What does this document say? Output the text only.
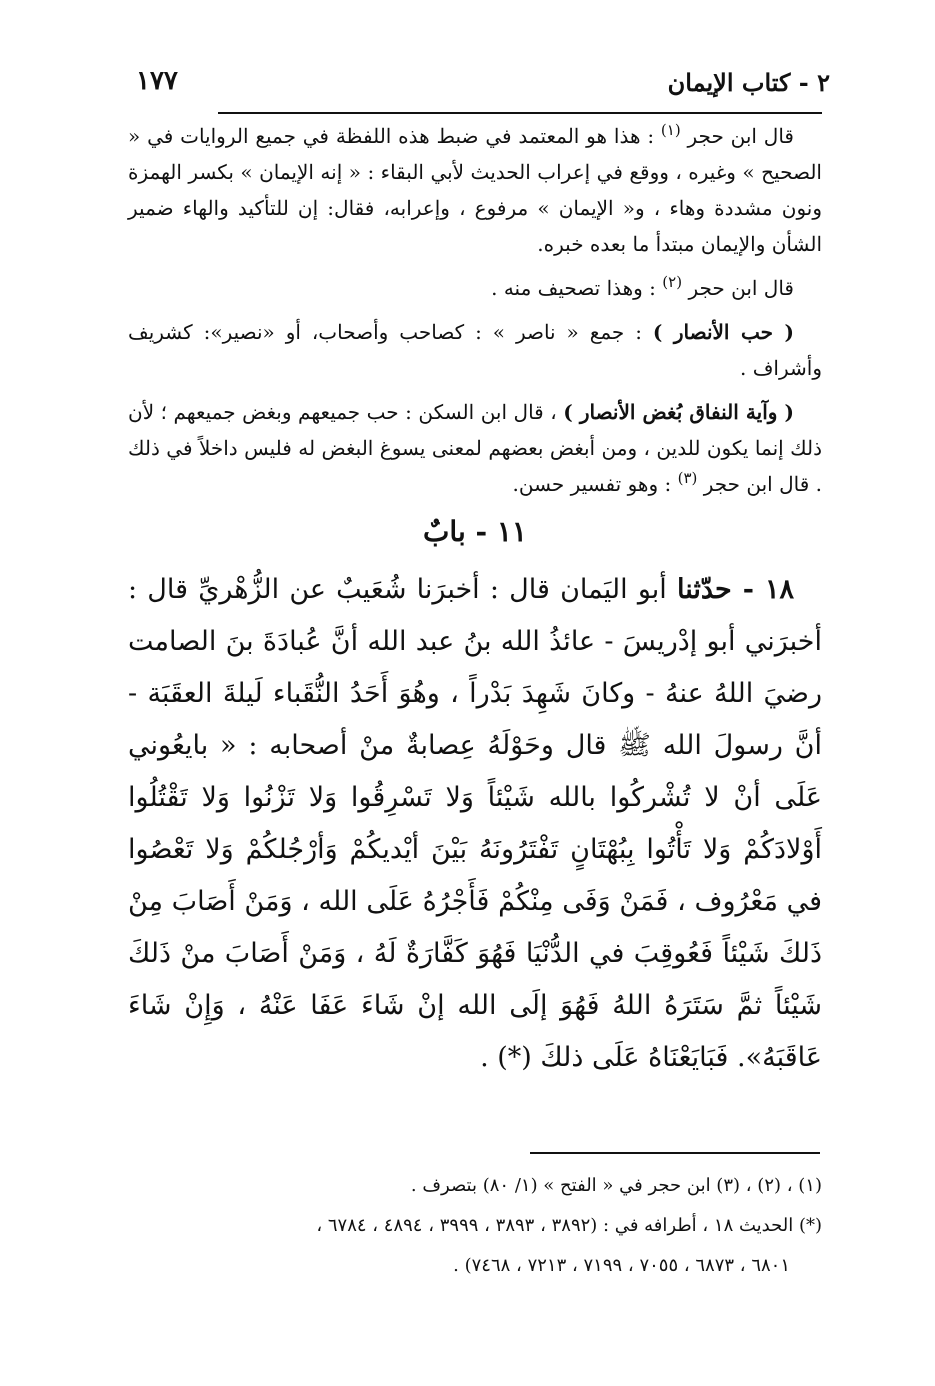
٢ - كتاب الإيمان
١٧٧

قال ابن حجر $^{(١)}$ : هذا هو المعتمد في ضبط هذه اللفظة في جميع الروايات في « الصحيح » وغيره ، ووقع في إعراب الحديث لأبي البقاء : « إنه الإيمان » بكسر الهمزة ونون مشددة وهاء ، و« الإيمان » مرفوع ، وإعرابه، فقال: إن للتأكيد والهاء ضمير الشأن والإيمان مبتدأ ما بعده خبره.

قال ابن حجر $^{(٢)}$ : وهذا تصحيف منه .

( حب الأنصار ) : جمع « ناصر » : كصاحب وأصحاب، أو «نصير»: كشريف وأشراف .

( وآية النفاق بُغض الأنصار ) ، قال ابن السكن : حب جميعهم وبغض جميعهم ؛ لأن ذلك إنما يكون للدين ، ومن أبغض بعضهم لمعنى يسوغ البغض له فليس داخلاً في ذلك . قال ابن حجر $^{(٣)}$ : وهو تفسير حسن.

١١ - بابٌ

١٨ - حدّثنا أبو اليَمان قال : أخبرَنا شُعَيبٌ عن الزُّهْريِّ قال : أخبرَني أبو إدْريسَ - عائذُ الله بنُ عبد الله أنَّ عُبادَةَ بنَ الصامت رضيَ اللهُ عنهُ - وكانَ شَهِدَ بَدْراً ، وهُوَ أَحَدُ النُّقَباء لَيلةَ العقَبَة - أنَّ رسولَ الله ﷺ قال وحَوْلَهُ عِصابةٌ منْ أصحابه : « بايعُوني عَلَى أنْ لا تُشْركُوا بالله شَيْئاً وَلا تَسْرِقُوا وَلا تَزْنُوا وَلا تَقْتُلُوا أَوْلادَكُمْ وَلا تَأْتُوا بِبُهْتَانٍ تَفْتَرُونَهُ بَيْنَ أيْديكُمْ وَأرْجُلكُمْ وَلا تَعْصُوا في مَعْرُوف ، فَمَنْ وَفَى مِنْكُمْ فَأَجْرُهُ عَلَى الله ، وَمَنْ أَصَابَ مِنْ ذَلكَ شَيْئاً فَعُوقِبَ في الدُّنْيَا فَهُوَ كَفَّارَةٌ لَهُ ، وَمَنْ أَصَابَ منْ ذَلكَ شَيْئاً ثمَّ سَتَرَهُ اللهُ فَهُوَ إلَى الله إنْ شَاءَ عَفَا عَنْهُ ، وَإِنْ شَاءَ عَاقَبَهُ». فَبَايَعْنَاهُ عَلَى ذلكَ (*) .

(١) ، (٢) ، (٣) ابن حجر في « الفتح » (١/ ٨٠) بتصرف .

(*) الحديث ١٨ ، أطرافه في : (٣٨٩٢ ، ٣٨٩٣ ، ٣٩٩٩ ، ٤٨٩٤ ، ٦٧٨٤ ،

٦٨٠١ ، ٦٨٧٣ ، ٧٠٥٥ ، ٧١٩٩ ، ٧٢١٣ ، ٧٤٦٨) .
